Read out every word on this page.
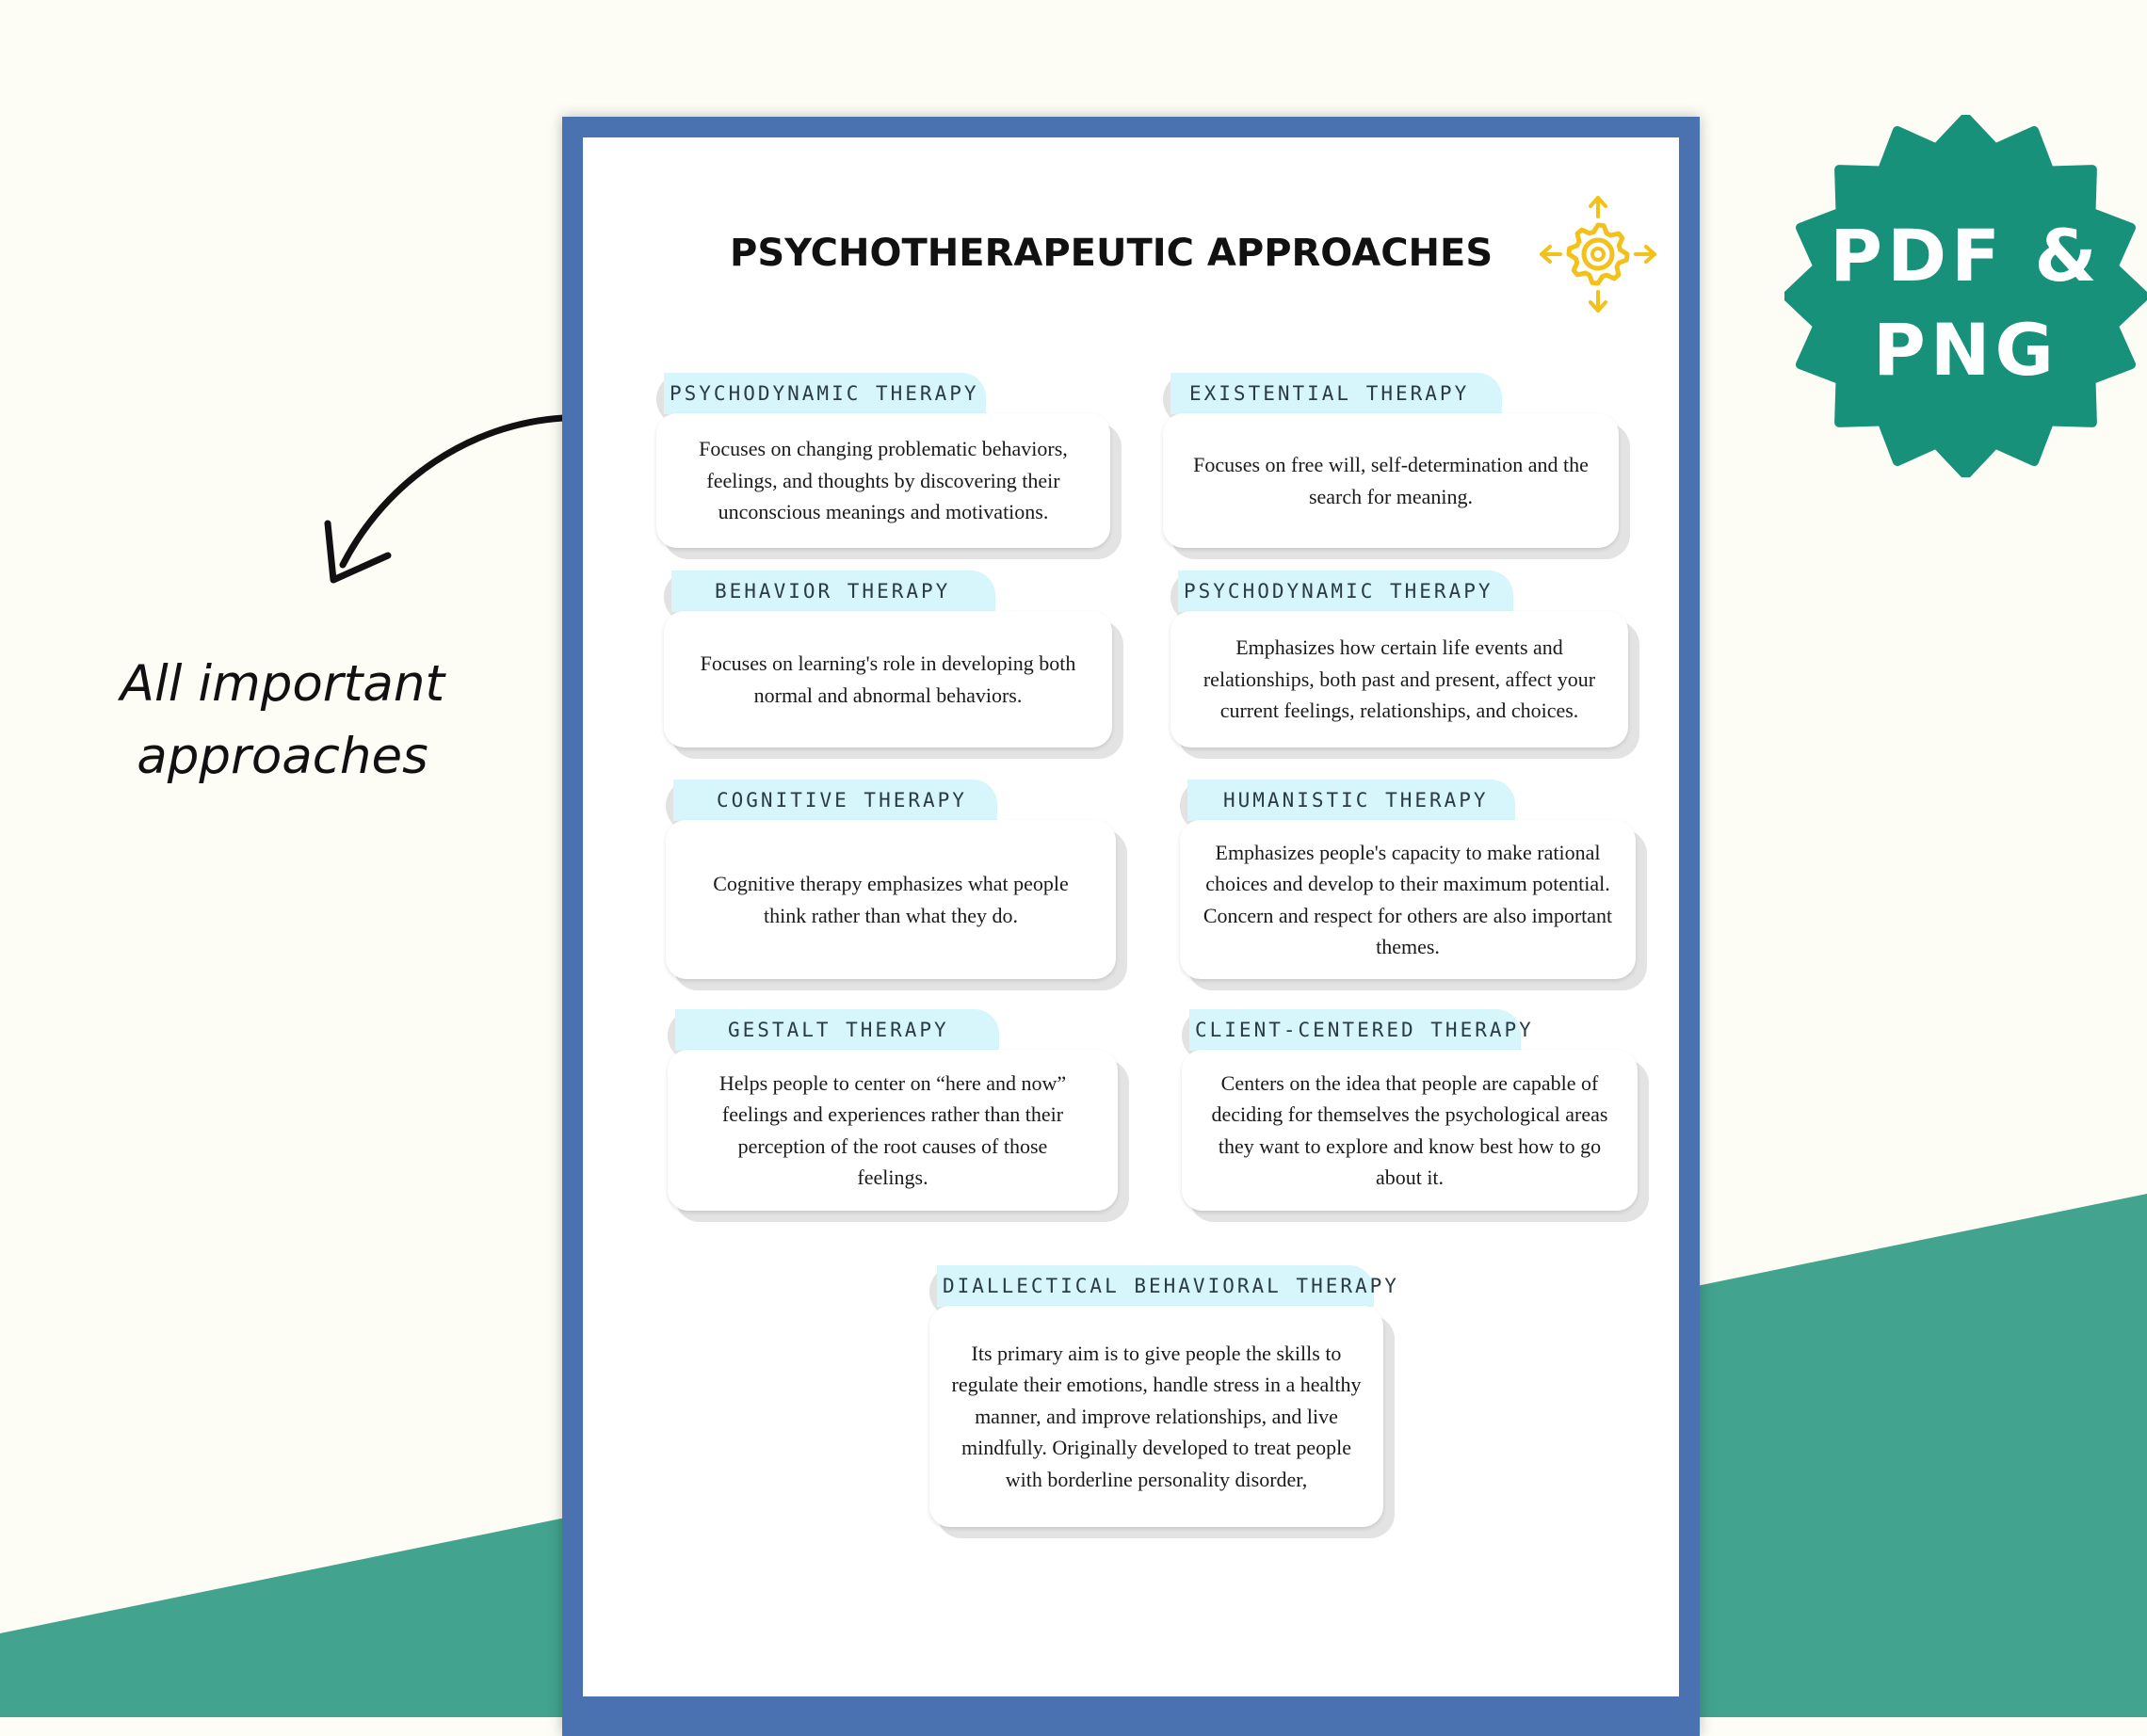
All important
approaches
PDF &
PNG
PSYCHOTHERAPEUTIC APPROACHES
PSYCHODYNAMIC THERAPY
Focuses on changing problematic behaviors, feelings, and thoughts by discovering their unconscious meanings and motivations.
EXISTENTIAL THERAPY
Focuses on free will, self-determination and the search for meaning.
BEHAVIOR THERAPY
Focuses on learning's role in developing both normal and abnormal behaviors.
PSYCHODYNAMIC THERAPY
Emphasizes how certain life events and relationships, both past and present, affect your current feelings, relationships, and choices.
COGNITIVE THERAPY
Cognitive therapy emphasizes what people think rather than what they do.
HUMANISTIC THERAPY
Emphasizes people's capacity to make rational choices and develop to their maximum potential. Concern and respect for others are also important themes.
GESTALT THERAPY
Helps people to center on “here and now” feelings and experiences rather than their perception of the root causes of those feelings.
CLIENT-CENTERED THERAPY
Centers on the idea that people are capable of deciding for themselves the psychological areas they want to explore and know best how to go about it.
DIALLECTICAL BEHAVIORAL THERAPY
Its primary aim is to give people the skills to regulate their emotions, handle stress in a healthy manner, and improve relationships, and live mindfully. Originally developed to treat people with borderline personality disorder,
